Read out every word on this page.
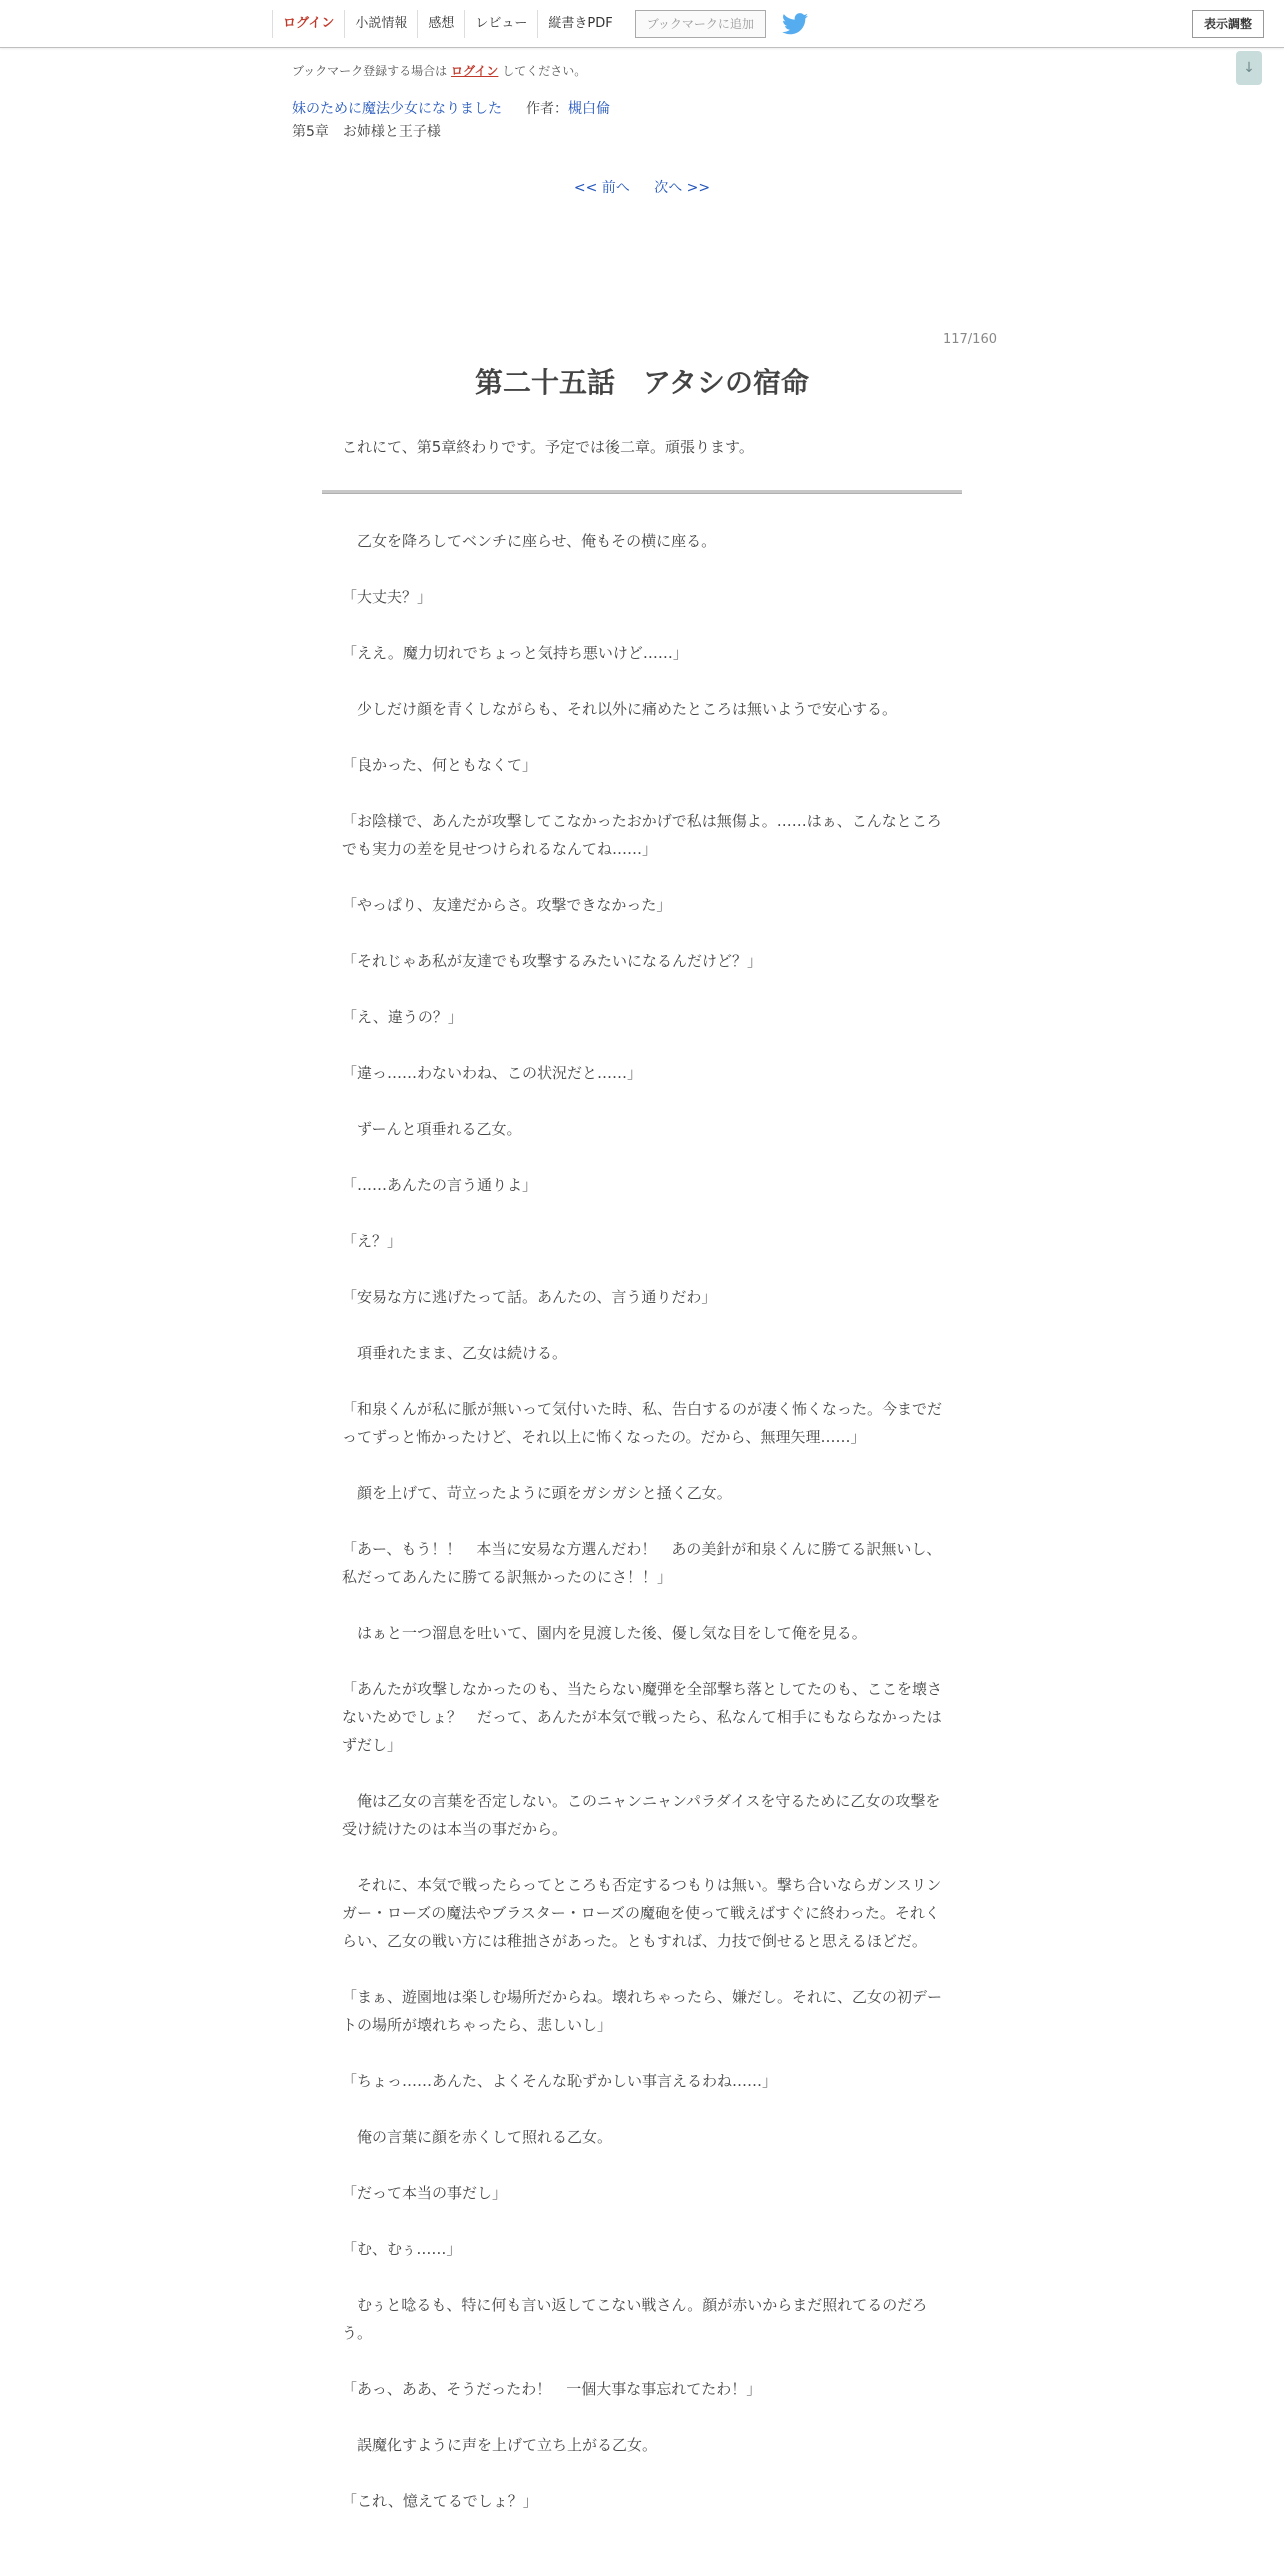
ログイン	小説情報	感想	レビュー	縦書きPDF	ブックマークに追加	表示調整
↓
ブックマーク登録する場合は ログイン してください。
妹のために魔法少女になりました 作者：槻白倫
第5章　お姉様と王子様
<< 前へ 次へ >>
117/160
第二十五話　アタシの宿命
これにて、第5章終わりです。予定では後二章。頑張ります。

　乙女を降ろしてベンチに座らせ、俺もその横に座る。

「大丈夫？」

「ええ。魔力切れでちょっと気持ち悪いけど……」

　少しだけ顔を青くしながらも、それ以外に痛めたところは無いようで安心する。

「良かった、何ともなくて」

「お陰様で、あんたが攻撃してこなかったおかげで私は無傷よ。……はぁ、こんなところでも実力の差を見せつけられるなんてね……」

「やっぱり、友達だからさ。攻撃できなかった」

「それじゃあ私が友達でも攻撃するみたいになるんだけど？」

「え、違うの？」

「違っ……わないわね、この状況だと……」

　ずーんと項垂れる乙女。

「……あんたの言う通りよ」

「え？」

「安易な方に逃げたって話。あんたの、言う通りだわ」

　項垂れたまま、乙女は続ける。

「和泉くんが私に脈が無いって気付いた時、私、告白するのが凄く怖くなった。今までだってずっと怖かったけど、それ以上に怖くなったの。だから、無理矢理……」

　顔を上げて、苛立ったように頭をガシガシと掻く乙女。

「あー、もう！！　本当に安易な方選んだわ！　あの美針が和泉くんに勝てる訳無いし、私だってあんたに勝てる訳無かったのにさ！！」

　はぁと一つ溜息を吐いて、園内を見渡した後、優し気な目をして俺を見る。

「あんたが攻撃しなかったのも、当たらない魔弾を全部撃ち落としてたのも、ここを壊さないためでしょ？　だって、あんたが本気で戦ったら、私なんて相手にもならなかったはずだし」

　俺は乙女の言葉を否定しない。このニャンニャンパラダイスを守るために乙女の攻撃を受け続けたのは本当の事だから。

　それに、本気で戦ったらってところも否定するつもりは無い。撃ち合いならガンスリンガー・ローズの魔法やブラスター・ローズの魔砲を使って戦えばすぐに終わった。それくらい、乙女の戦い方には稚拙さがあった。ともすれば、力技で倒せると思えるほどだ。

「まぁ、遊園地は楽しむ場所だからね。壊れちゃったら、嫌だし。それに、乙女の初デートの場所が壊れちゃったら、悲しいし」

「ちょっ……あんた、よくそんな恥ずかしい事言えるわね……」

　俺の言葉に顔を赤くして照れる乙女。

「だって本当の事だし」

「む、むぅ……」

　むぅと唸るも、特に何も言い返してこない戦さん。顔が赤いからまだ照れてるのだろう。

「あっ、ああ、そうだったわ！　一個大事な事忘れてたわ！」

　誤魔化すように声を上げて立ち上がる乙女。

「これ、憶えてるでしょ？」
